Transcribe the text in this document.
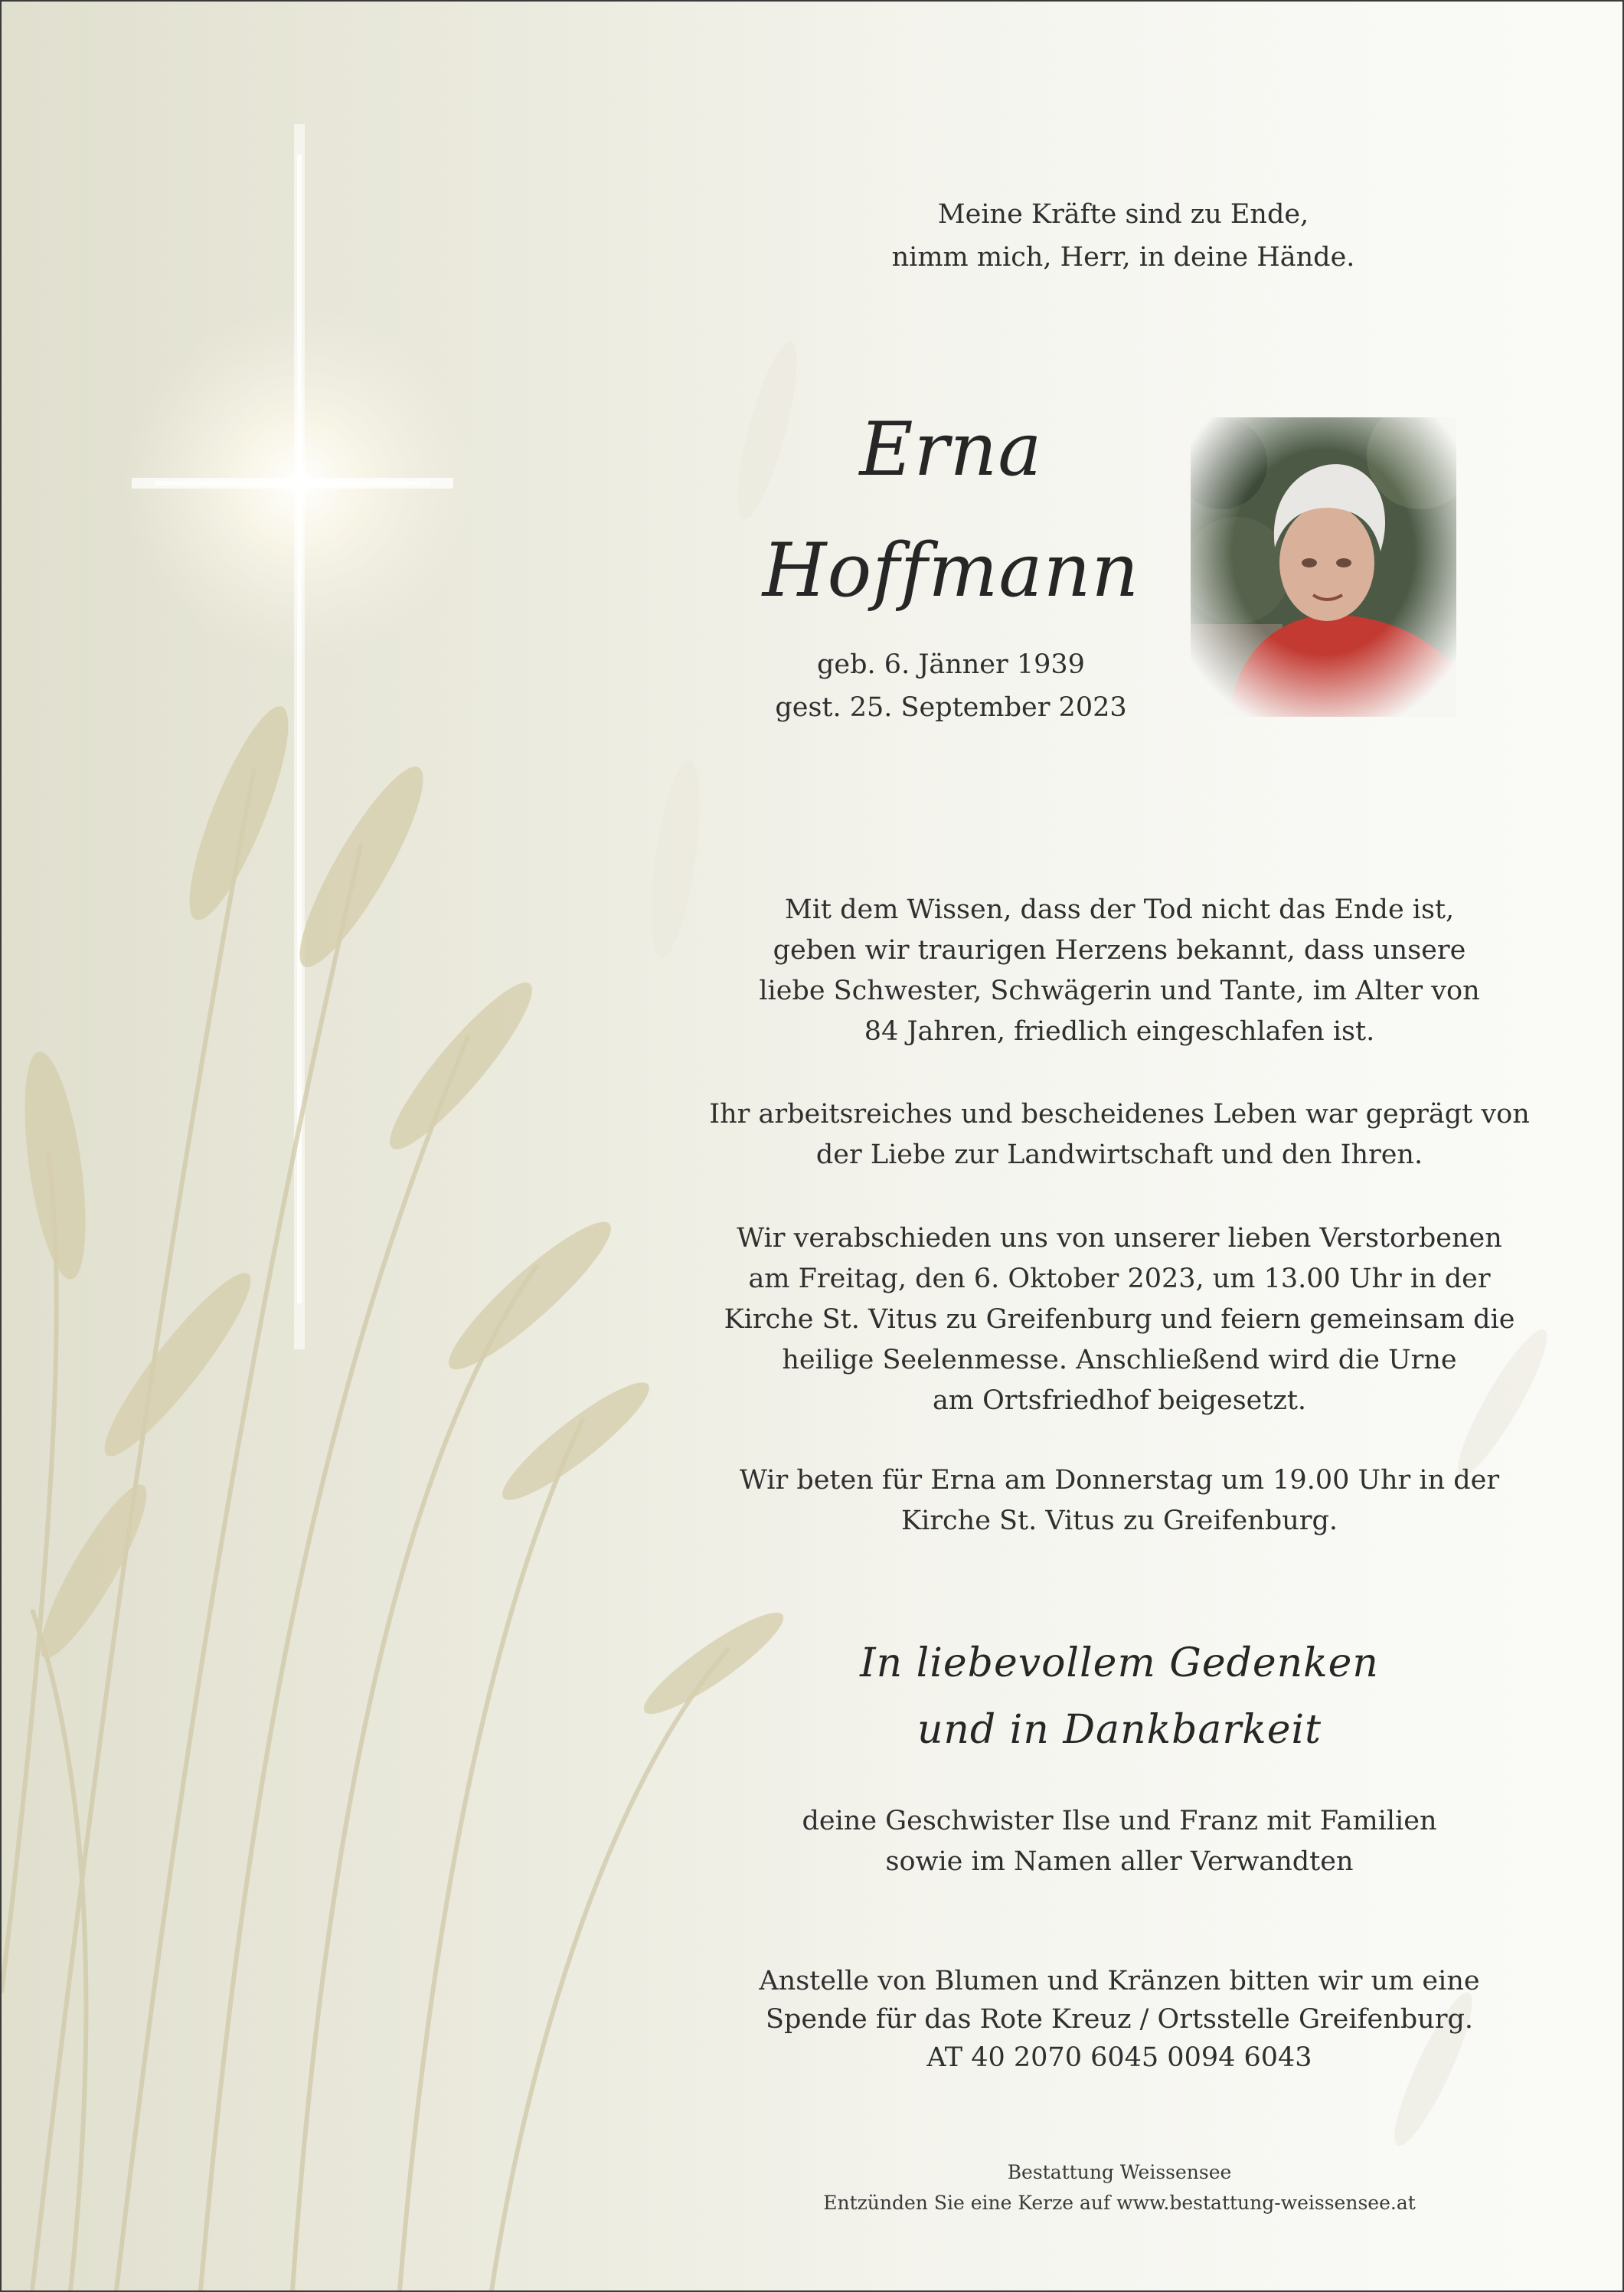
Meine Kräfte sind zu Ende,
nimm mich, Herr, in deine Hände.
Erna
Hoffmann
geb. 6. Jänner 1939
gest. 25. September 2023
Mit dem Wissen, dass der Tod nicht das Ende ist,
geben wir traurigen Herzens bekannt, dass unsere
liebe Schwester, Schwägerin und Tante, im Alter von
84 Jahren, friedlich eingeschlafen ist.
Ihr arbeitsreiches und bescheidenes Leben war geprägt von
der Liebe zur Landwirtschaft und den Ihren.
Wir verabschieden uns von unserer lieben Verstorbenen
am Freitag, den 6. Oktober 2023, um 13.00 Uhr in der
Kirche St. Vitus zu Greifenburg und feiern gemeinsam die
heilige Seelenmesse. Anschließend wird die Urne
am Ortsfriedhof beigesetzt.
Wir beten für Erna am Donnerstag um 19.00 Uhr in der
Kirche St. Vitus zu Greifenburg.
In liebevollem Gedenken
und in Dankbarkeit
deine Geschwister Ilse und Franz mit Familien
sowie im Namen aller Verwandten
Anstelle von Blumen und Kränzen bitten wir um eine
Spende für das Rote Kreuz / Ortsstelle Greifenburg.
AT 40 2070 6045 0094 6043
Bestattung Weissensee
Entzünden Sie eine Kerze auf www.bestattung-weissensee.at
